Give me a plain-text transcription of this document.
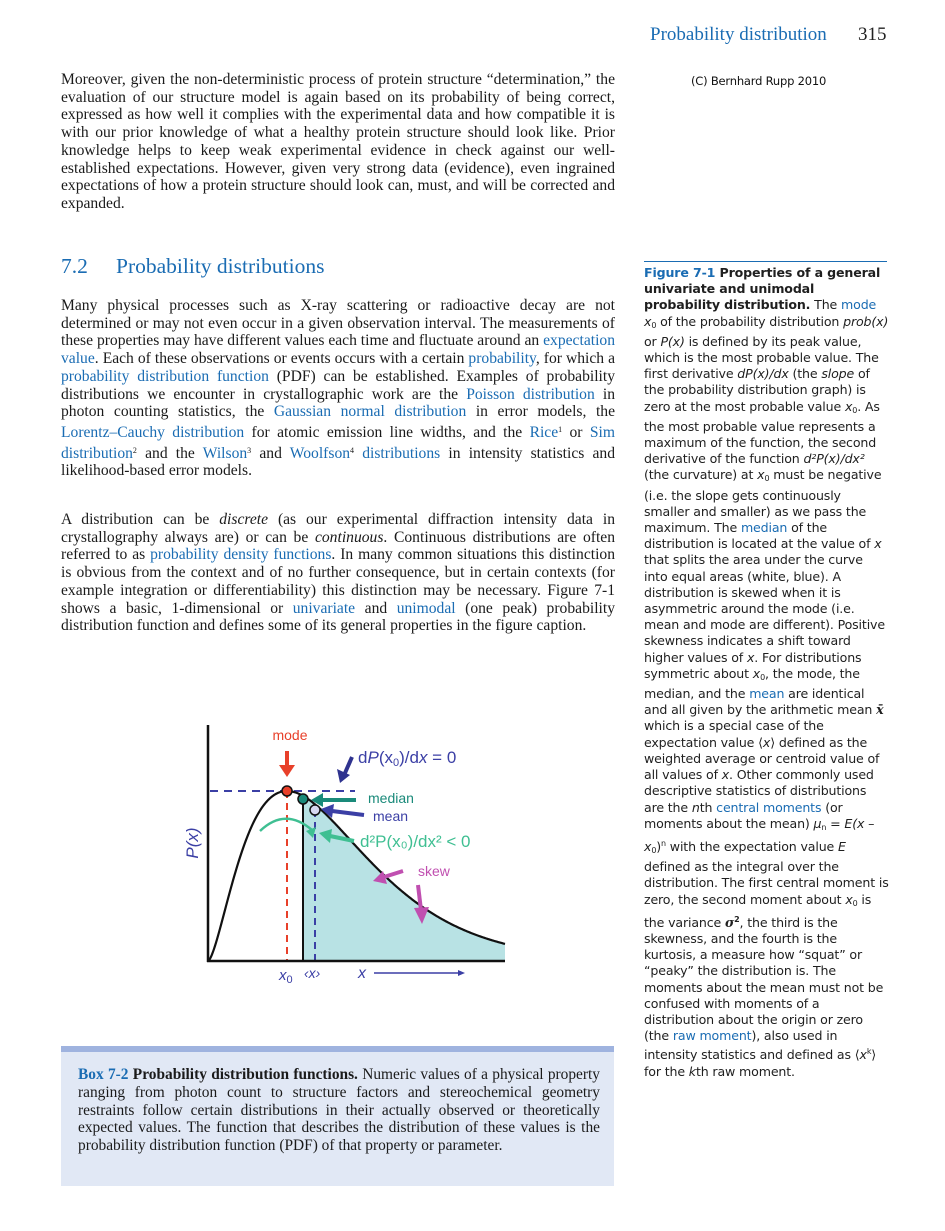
Probability distribution 315
(C) Bernhard Rupp 2010

Moreover, given the non-deterministic process of protein structure “determination,” the evaluation of our structure model is again based on its probability of being correct, expressed as how well it complies with the experimental data and how compatible it is with our prior knowledge of what a healthy protein structure should look like. Prior knowledge helps to keep weak experimental evidence in check against our well-established expectations. However, given very strong data (evidence), even ingrained expectations of how a protein structure should look can, must, and will be corrected and expanded.

7.2 Probability distributions

Many physical processes such as X-ray scattering or radioactive decay are not determined or may not even occur in a given observation interval. The measurements of these properties may have different values each time and fluctuate around an expectation value. Each of these observations or events occurs with a certain probability, for which a probability distribution function (PDF) can be established. Examples of probability distributions we encounter in crystallographic work are the Poisson distribution in photon counting statistics, the Gaussian normal distribution in error models, the Lorentz–Cauchy distribution for atomic emission line widths, and the Rice$^1$ or Sim distribution$^2$ and the Wilson$^3$ and Woolfson$^4$ distributions in intensity statistics and likelihood-based error models.

A distribution can be discrete (as our experimental diffraction intensity data in crystallography always are) or can be continuous. Continuous distributions are often referred to as probability density functions. In many common situations this distinction is obvious from the context and of no further consequence, but in certain contexts (for example integration or differentiability) this distinction may be necessary. Figure 7-1 shows a basic, 1-dimensional or univariate and unimodal (one peak) probability distribution function and defines some of its general properties in the figure caption.

Figure 7-1 Properties of a general univariate and unimodal probability distribution. The mode $x_0$ of the probability distribution prob(x) or P(x) is defined by its peak value, which is the most probable value. The first derivative dP(x)/dx (the slope of the probability distribution graph) is zero at the most probable value $x_0$. As the most probable value represents a maximum of the function, the second derivative of the function d²P(x)/dx² (the curvature) at $x_0$ must be negative (i.e. the slope gets continuously smaller and smaller) as we pass the maximum. The median of the distribution is located at the value of x that splits the area under the curve into equal areas (white, blue). A distribution is skewed when it is asymmetric around the mode (i.e. mean and mode are different). Positive skewness indicates a shift toward higher values of x. For distributions symmetric about $x_0$, the mode, the median, and the mean are identical and all given by the arithmetic mean x̄ which is a special case of the expectation value ⟨x⟩ defined as the weighted average or centroid value of all values of x. Other commonly used descriptive statistics of distributions are the nth central moments (or moments about the mean) $\mu_n = E(x - x_0)^n$ with the expectation value E defined as the integral over the distribution. The first central moment is zero, the second moment about $x_0$ is the variance $\sigma^2$, the third is the skewness, and the fourth is the kurtosis, a measure how “squat” or “peaky” the distribution is. The moments about the mean must not be confused with moments of a distribution about the origin or zero (the raw moment), also used in intensity statistics and defined as $⟨x^k⟩$ for the kth raw moment.
mode
dP(x0)/dx = 0
median
mean
d²P(x₀)/dx² < 0
skew
P(x)
$x_0$ ‹x› x
Box 7-2 Probability distribution functions. Numeric values of a physical property ranging from photon count to structure factors and stereochemical geometry restraints follow certain distributions in their actually observed or theoretically expected values. The function that describes the distribution of these values is the probability distribution function (PDF) of that property or parameter.
